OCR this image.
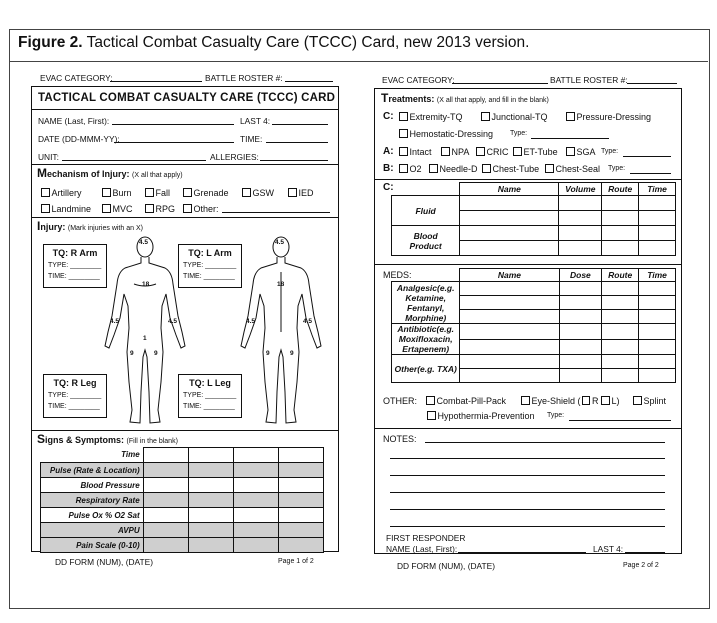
Figure 2. Tactical Combat Casualty Care (TCCC) Card, new 2013 version.
EVAC CATEGORY:	BATTLE ROSTER #:
TACTICAL COMBAT CASUALTY CARE (TCCC) CARD
NAME (Last, First):	LAST 4:
DATE (DD-MMM-YY):	TIME:
UNIT:	ALLERGIES:
Mechanism of Injury: (X all that apply)
Artillery	Burn	Fall	Grenade	GSW	IED
Landmine	MVC	RPG	Other:
Injury: (Mark injuries with an X)
4.5	4.5
18	18
4.5	4.5	4.5	4.5
1
9	9	9	9
TQ: R Arm
TYPE: ________
TIME: ________
TQ: L Arm
TYPE: ________
TIME: ________
TQ: R Leg
TYPE: ________
TIME: ________
TQ: L Leg
TYPE: ________
TIME: ________
Signs & Symptoms: (Fill in the blank)
Time				
Pulse (Rate & Location)				
Blood Pressure				
Respiratory Rate				
Pulse Ox % O2 Sat				
AVPU				
Pain Scale (0-10)				
DD FORM (NUM), (DATE)	Page 1 of 2
EVAC CATEGORY:	BATTLE ROSTER #:
Treatments: (X all that apply, and fill in the blank)
C:	Extremity-TQ	Junctional-TQ	Pressure-Dressing
Hemostatic-Dressing Type:
A:	Intact	NPA	CRIC	ET-Tube	SGA Type:
B:	O2	Needle-D	Chest-Tube	Chest-Seal Type:
C:
		Name	Volume	Route	Time
Fluid				

Blood Product				

MEDS:
		Name	Dose	Route	Time
Analgesic(e.g. Ketamine, Fentanyl, Morphine)				

Antibiotic(e.g. Moxifloxacin, Ertapenem)				

Other(e.g. TXA)				

OTHER:	Combat-Pill-Pack	Eye-Shield ( R L)	Splint
Hypothermia-Prevention Type:
NOTES:
FIRST RESPONDER
NAME (Last, First):	LAST 4:
DD FORM (NUM), (DATE)	Page 2 of 2
